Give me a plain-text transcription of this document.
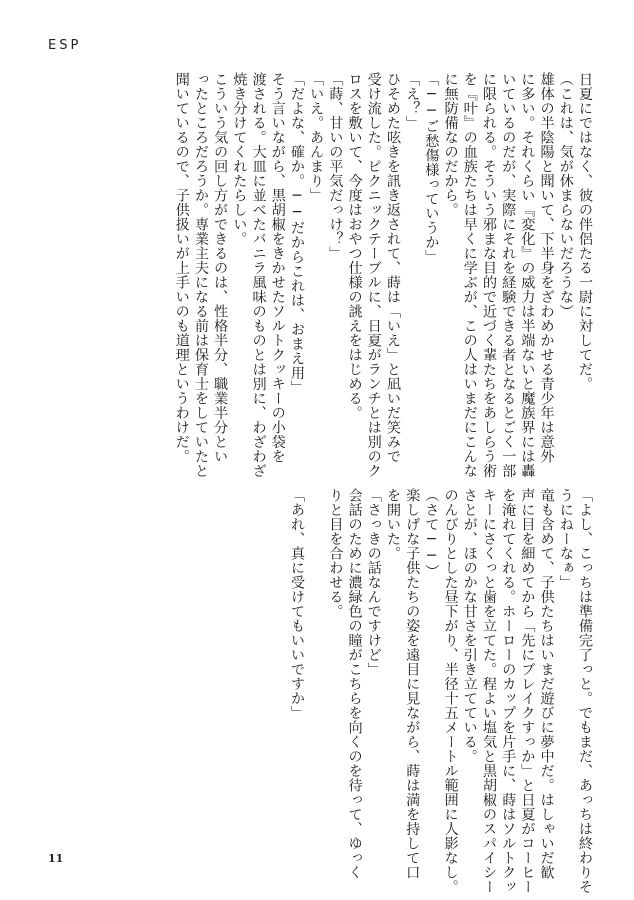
ESP

日夏にではなく、彼の伴侶たる一尉に対してだ。

（これは、気が休まらないだろうな）

雄体の半陰陽と聞いて、下半身をざわめかせる青少年は意外

に多い。それくらい『変化』の威力は半端ないと魔族界には轟

いているのだが、実際にそれを経験できる者となるとごく一部

に限られる。そういう邪まな目的で近づく輩たちをあしらう術

を『叶』の血族たちは早くに学ぶが、この人はいまだにこんな

に無防備なのだから。

「──ご愁傷様っていうか」

「え？」

ひそめた呟きを訊き返されて、蒔は「いえ」と凪いだ笑みで

受け流した。ピクニックテーブルに、日夏がランチとは別のク

ロスを敷いて、今度はおやつ仕様の誂えをはじめる。

「蒔、甘いの平気だっけ？」

「いえ。あんまり」

「だよな、確か。──だからこれは、おまえ用」

そう言いながら、黒胡椒をきかせたソルトクッキーの小袋を

渡される。大皿に並べたバニラ風味のものとは別に、わざわざ

焼き分けてくれたらしい。

こういう気の回し方ができるのは、性格半分、職業半分とい

ったところだろうか。専業主夫になる前は保育士をしていたと

聞いているので、子供扱いが上手いのも道理というわけだ。

「よし、こっちは準備完了っと。でもまだ、あっちは終わりそ

うにねーなぁ」

竜も含めて、子供たちはいまだ遊びに夢中だ。はしゃいだ歓

声に目を細めてから「先にブレイクすっか」と日夏がコーヒー

を淹れてくれる。ホーローのカップを片手に、蒔はソルトクッ

キーにさくっと歯を立てた。程よい塩気と黒胡椒のスパイシー

さとが、ほのかな甘さを引き立てている。

のんびりとした昼下がり、半径十五メートル範囲に人影なし。

（さて──）

楽しげな子供たちの姿を遠目に見ながら、蒔は満を持して口

を開いた。

「さっきの話なんですけど」

会話のために濃緑色の瞳がこちらを向くのを待って、ゆっく

りと目を合わせる。

「あれ、真に受けてもいいですか」

11
